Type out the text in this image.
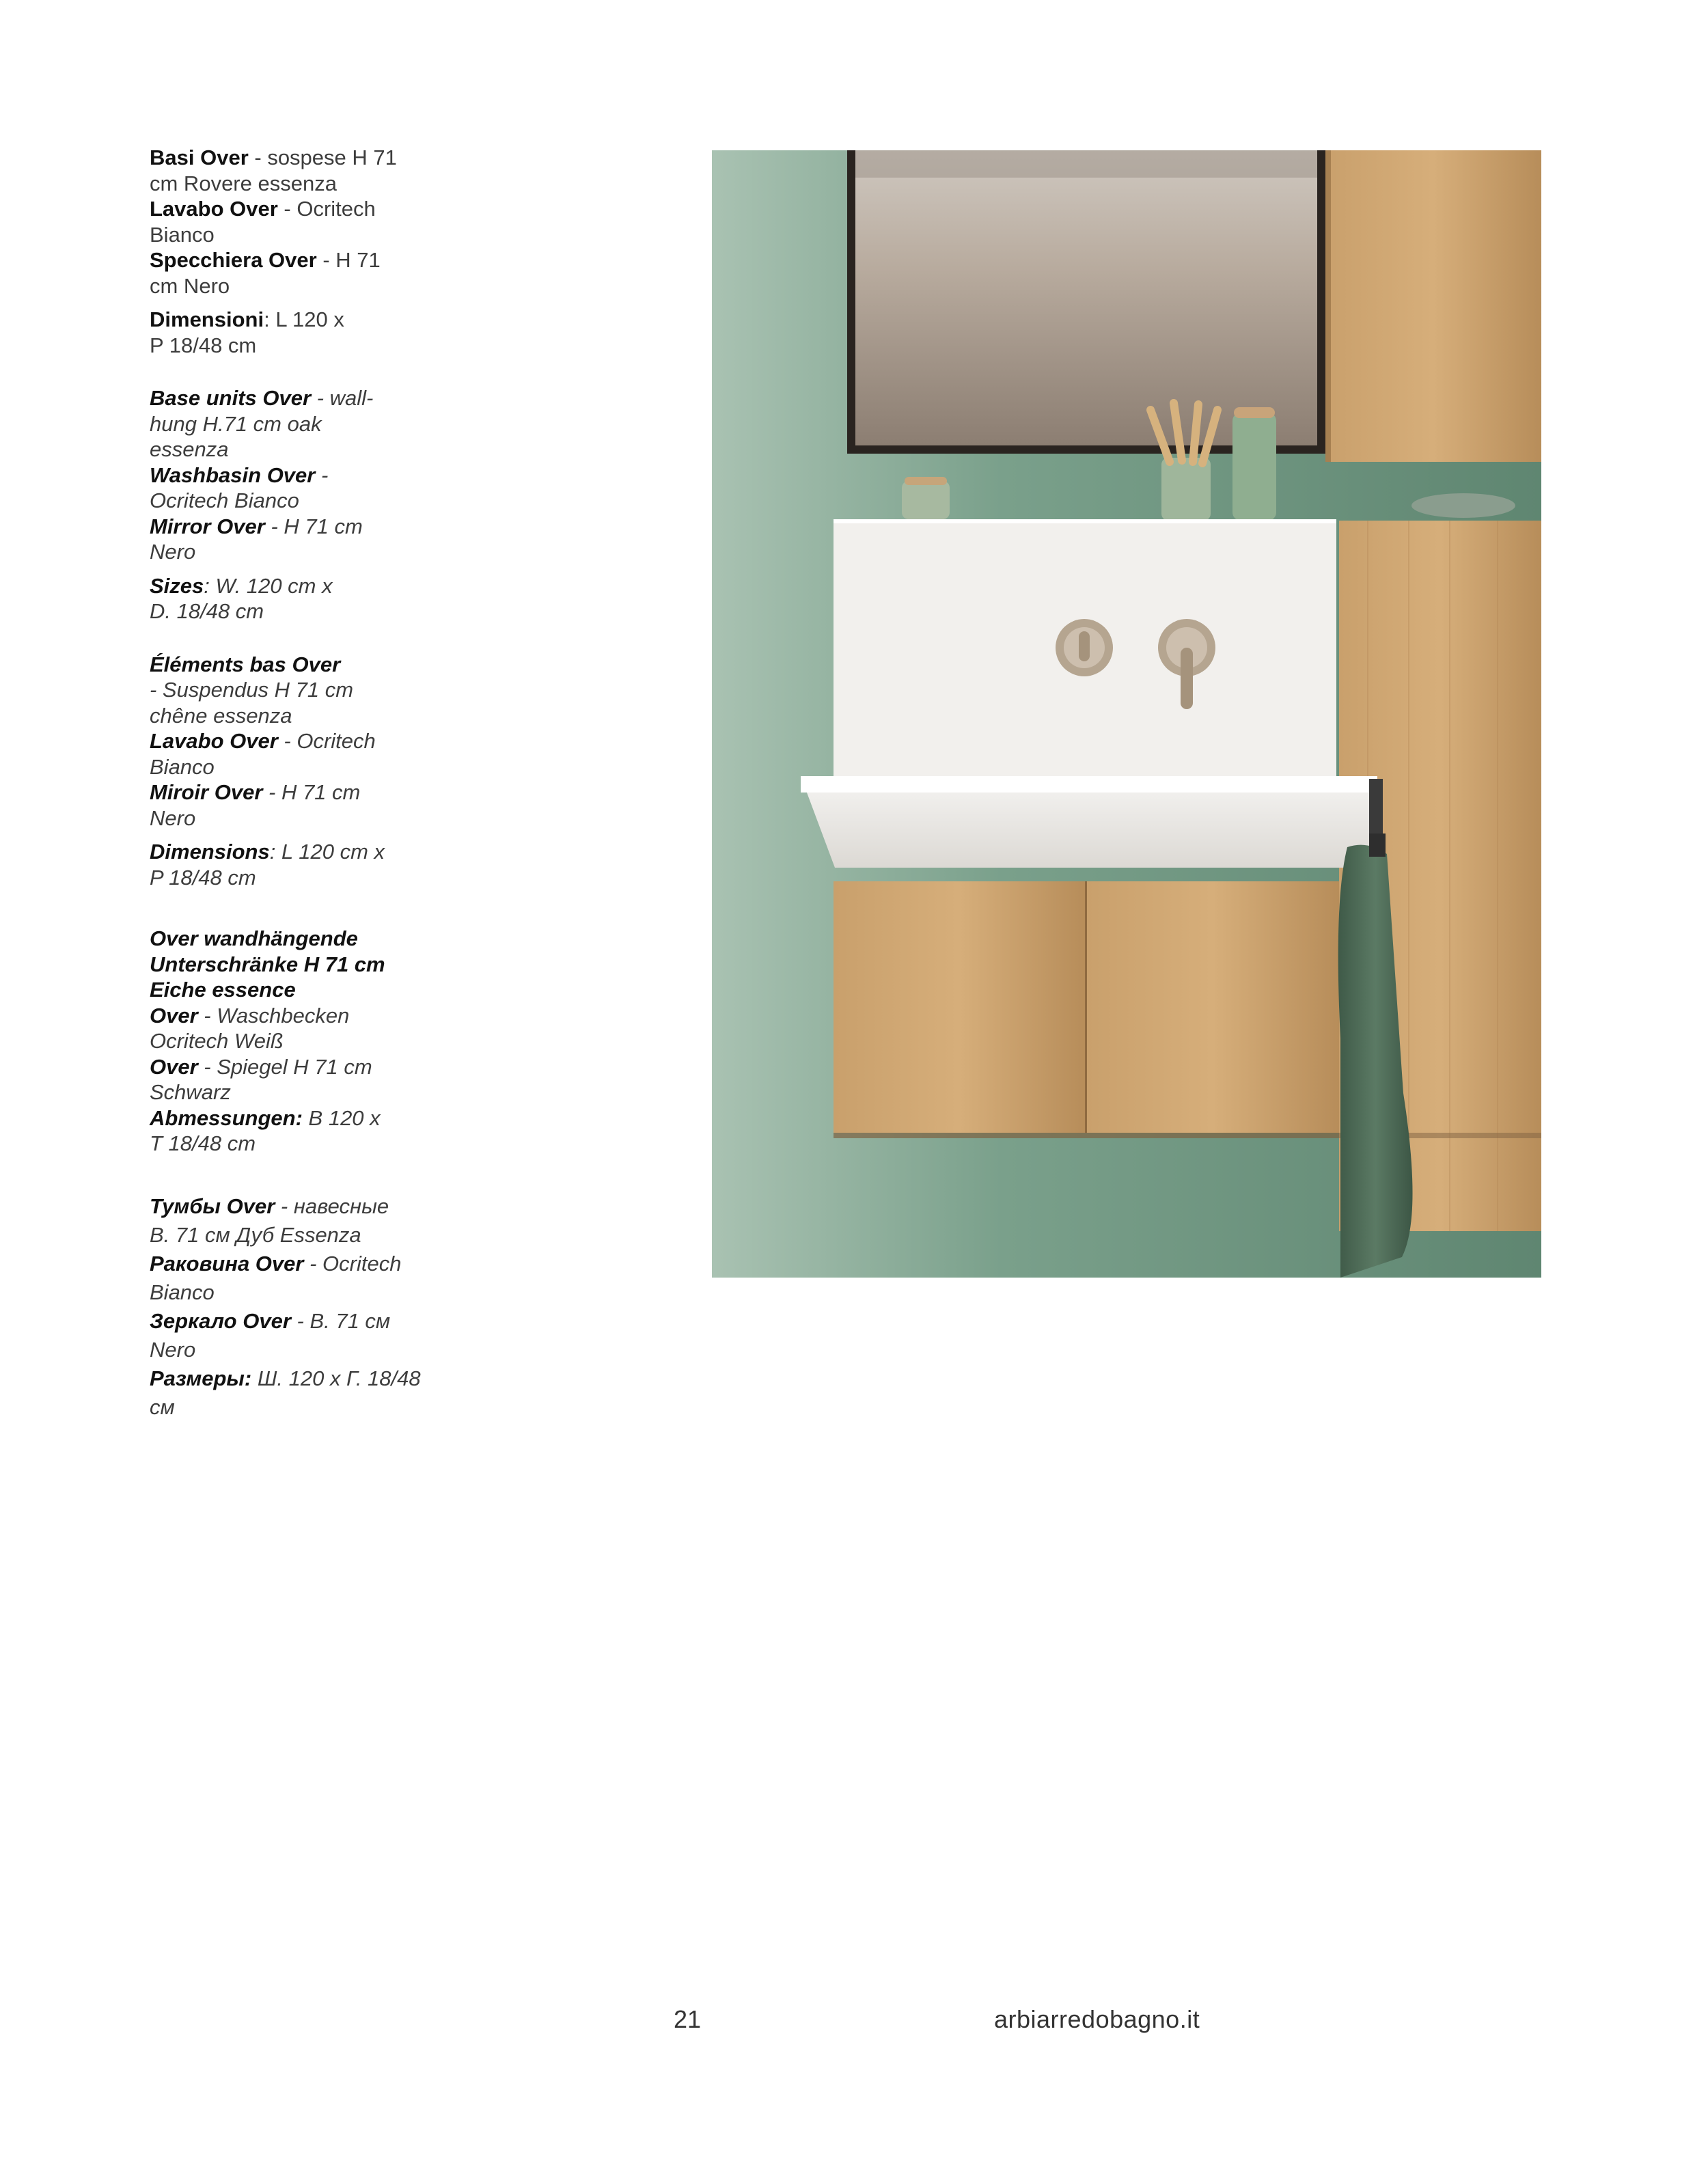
Basi Over - sospese H 71
cm Rovere essenza
Lavabo Over - Ocritech
Bianco
Specchiera Over - H 71
cm Nero
Dimensioni: L 120 x
P 18/48 cm
Base units Over - wall-
hung H.71 cm oak
essenza
Washbasin Over -
Ocritech Bianco
Mirror Over - H 71 cm
Nero
Sizes: W. 120 cm x
D. 18/48 cm
Éléments bas Over
- Suspendus H 71 cm
chêne essenza
Lavabo Over - Ocritech
Bianco
Miroir Over - H 71 cm
Nero
Dimensions: L 120 cm x
P 18/48 cm
Over wandhängende
Unterschränke H 71 cm
Eiche essence
Over - Waschbecken
Ocritech Weiß
Over - Spiegel H 71 cm
Schwarz
Abmessungen: B 120 x
T 18/48 cm
Тумбы Over - навесные
В. 71 см Дуб Essenza
Раковина Over - Ocritech
Bianco
Зеркало Over - В. 71 см
Nero
Размеры: Ш. 120 х Г. 18/48
см
21	arbiarredobagno.it
